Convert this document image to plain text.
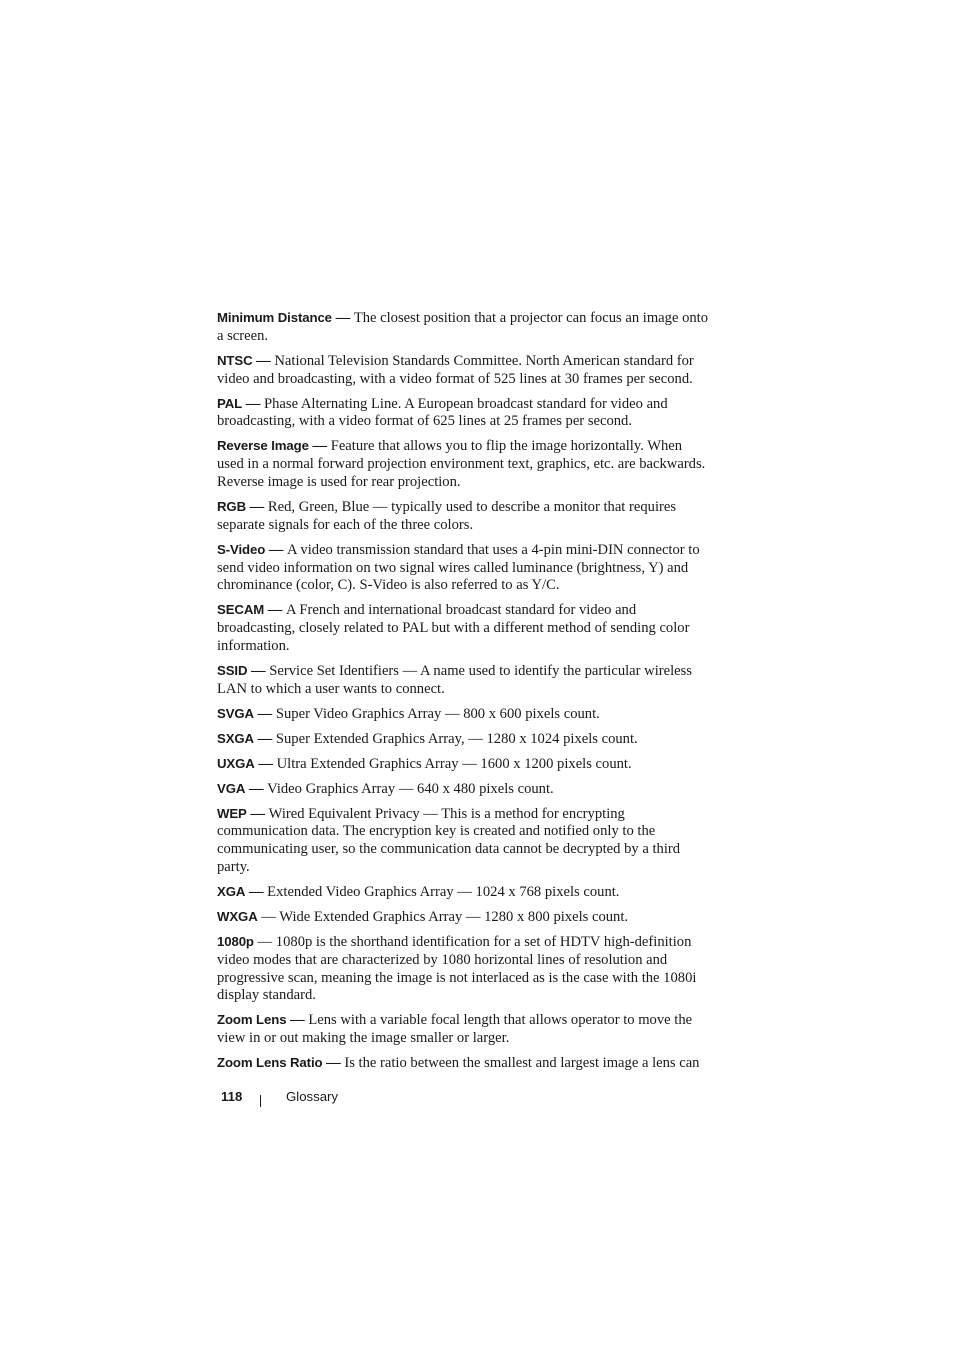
Minimum Distance — The closest position that a projector can focus an image onto a screen.

NTSC — National Television Standards Committee. North American standard for video and broadcasting, with a video format of 525 lines at 30 frames per second.

PAL — Phase Alternating Line. A European broadcast standard for video and broadcasting, with a video format of 625 lines at 25 frames per second.

Reverse Image — Feature that allows you to flip the image horizontally. When used in a normal forward projection environment text, graphics, etc. are backwards. Reverse image is used for rear projection.

RGB — Red, Green, Blue — typically used to describe a monitor that requires separate signals for each of the three colors.

S-Video — A video transmission standard that uses a 4-pin mini-DIN connector to send video information on two signal wires called luminance (brightness, Y) and chrominance (color, C). S-Video is also referred to as Y/C.

SECAM — A French and international broadcast standard for video and broadcasting, closely related to PAL but with a different method of sending color information.

SSID — Service Set Identifiers — A name used to identify the particular wireless LAN to which a user wants to connect.

SVGA — Super Video Graphics Array — 800 x 600 pixels count.

SXGA — Super Extended Graphics Array, — 1280 x 1024 pixels count.

UXGA — Ultra Extended Graphics Array — 1600 x 1200 pixels count.

VGA — Video Graphics Array — 640 x 480 pixels count.

WEP — Wired Equivalent Privacy — This is a method for encrypting communication data. The encryption key is created and notified only to the communicating user, so the communication data cannot be decrypted by a third party.

XGA — Extended Video Graphics Array — 1024 x 768 pixels count.

WXGA — Wide Extended Graphics Array — 1280 x 800 pixels count.

1080p — 1080p is the shorthand identification for a set of HDTV high-definition video modes that are characterized by 1080 horizontal lines of resolution and progressive scan, meaning the image is not interlaced as is the case with the 1080i display standard.

Zoom Lens — Lens with a variable focal length that allows operator to move the view in or out making the image smaller or larger.

Zoom Lens Ratio — Is the ratio between the smallest and largest image a lens can

118	Glossary
